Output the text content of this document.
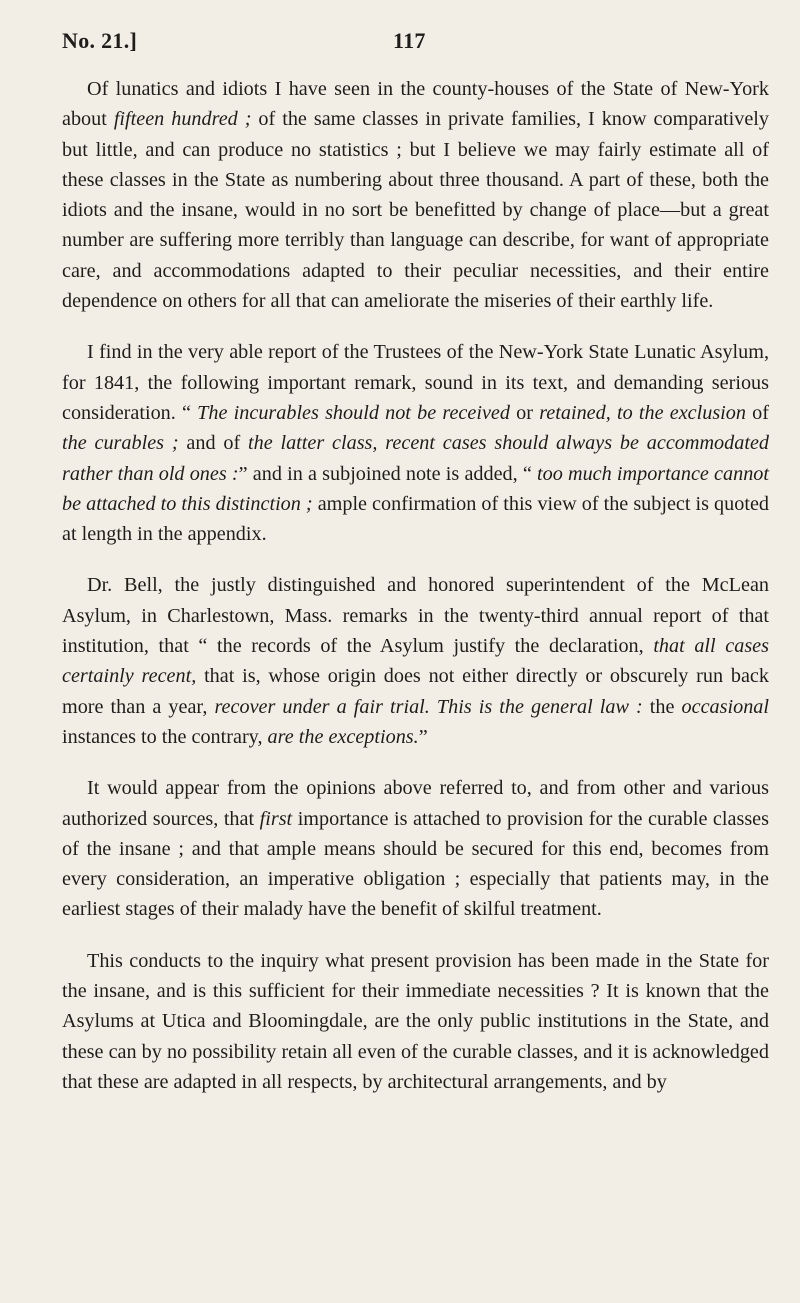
No. 21.]	117

Of lunatics and idiots I have seen in the county-houses of the State of New-York about fifteen hundred ; of the same classes in private families, I know comparatively but little, and can produce no statistics ; but I believe we may fairly estimate all of these classes in the State as numbering about three thousand. A part of these, both the idiots and the insane, would in no sort be benefitted by change of place—but a great number are suffering more terribly than language can describe, for want of appropriate care, and accommodations adapted to their peculiar necessities, and their entire dependence on others for all that can ameliorate the miseries of their earthly life.

I find in the very able report of the Trustees of the New-York State Lunatic Asylum, for 1841, the following important remark, sound in its text, and demanding serious consideration. “ The incurables should not be received or retained, to the exclusion of the curables ; and of the latter class, recent cases should always be accommodated rather than old ones :” and in a subjoined note is added, “ too much importance cannot be attached to this distinction ; ample confirmation of this view of the subject is quoted at length in the appendix.

Dr. Bell, the justly distinguished and honored superintendent of the McLean Asylum, in Charlestown, Mass. remarks in the twenty-third annual report of that institution, that “ the records of the Asylum justify the declaration, that all cases certainly recent, that is, whose origin does not either directly or obscurely run back more than a year, recover under a fair trial. This is the general law : the occasional instances to the contrary, are the exceptions.”

It would appear from the opinions above referred to, and from other and various authorized sources, that first importance is attached to provision for the curable classes of the insane ; and that ample means should be secured for this end, becomes from every consideration, an imperative obligation ; especially that patients may, in the earliest stages of their malady have the benefit of skilful treatment.

This conducts to the inquiry what present provision has been made in the State for the insane, and is this sufficient for their immediate necessities ? It is known that the Asylums at Utica and Bloomingdale, are the only public institutions in the State, and these can by no possibility retain all even of the curable classes, and it is acknowledged that these are adapted in all respects, by architectural arrangements, and by
